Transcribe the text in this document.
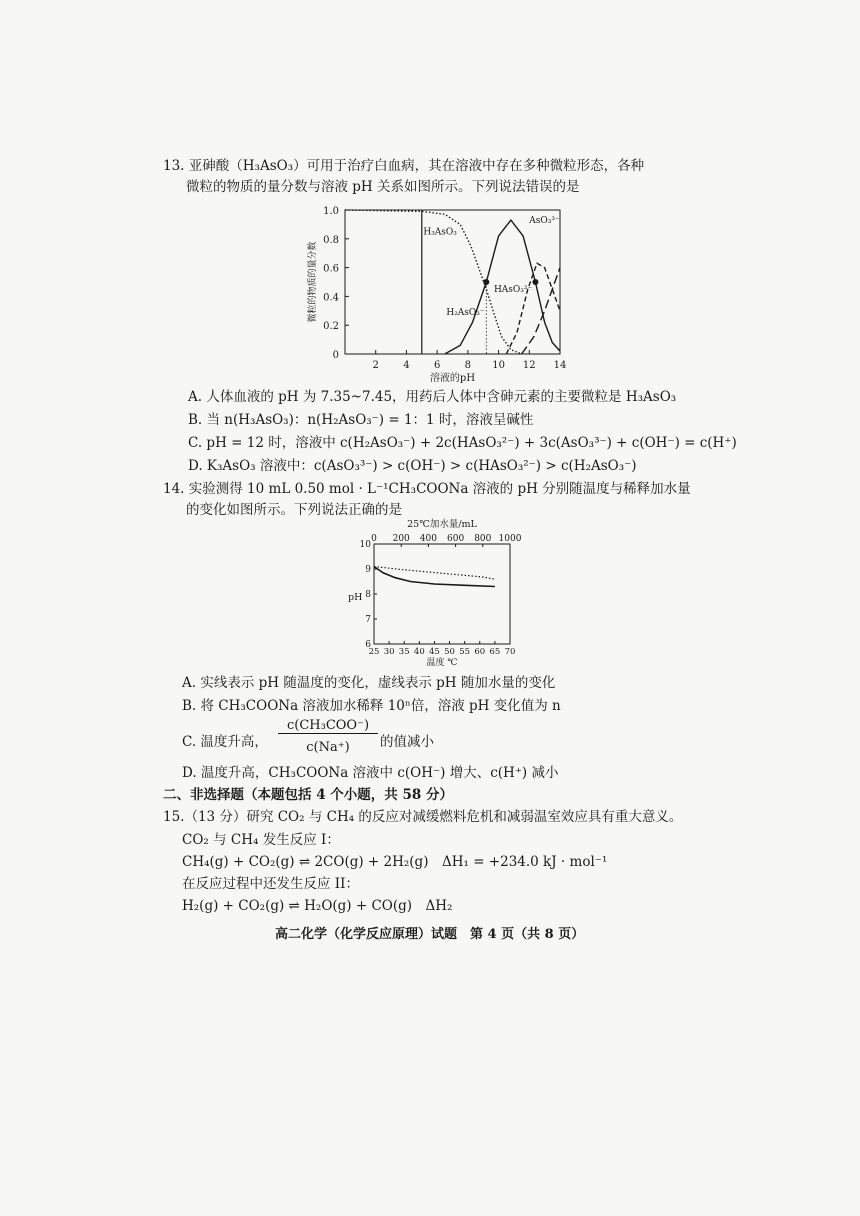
13. 亚砷酸（H₃AsO₃）可用于治疗白血病，其在溶液中存在多种微粒形态，各种
微粒的物质的量分数与溶液 pH 关系如图所示。下列说法错误的是
0
0.2
0.4
0.6
0.8
1.0
2 4 6 8 10 12 14
溶液的pH
微粒的物质的量分数
H₃AsO₃
H₂AsO₃⁻
HAsO₃²⁻
AsO₃³⁻
A. 人体血液的 pH 为 7.35~7.45，用药后人体中含砷元素的主要微粒是 H₃AsO₃
B. 当 n(H₃AsO₃)：n(H₂AsO₃⁻) = 1：1 时，溶液呈碱性
C. pH = 12 时，溶液中 c(H₂AsO₃⁻) + 2c(HAsO₃²⁻) + 3c(AsO₃³⁻) + c(OH⁻) = c(H⁺)
D. K₃AsO₃ 溶液中：c(AsO₃³⁻) > c(OH⁻) > c(HAsO₃²⁻) > c(H₂AsO₃⁻)
14. 实验测得 10 mL 0.50 mol · L⁻¹CH₃COONa 溶液的 pH 分别随温度与稀释加水量
的变化如图所示。下列说法正确的是
25℃加水量/mL
0 200 400 600 800 1000
25 30 35 40 45 50 55 60 65 70
温度 ℃
6
7
8
9
10
pH
A. 实线表示 pH 随温度的变化，虚线表示 pH 随加水量的变化
B. 将 CH₃COONa 溶液加水稀释 10ⁿ倍，溶液 pH 变化值为 n
C. 温度升高，
c(CH₃COO⁻)
c(Na⁺)	的值减小
D. 温度升高，CH₃COONa 溶液中 c(OH⁻) 增大、c(H⁺) 减小
二、非选择题（本题包括 4 个小题，共 58 分）
15.（13 分）研究 CO₂ 与 CH₄ 的反应对减缓燃料危机和减弱温室效应具有重大意义。
CO₂ 与 CH₄ 发生反应 I：
CH₄(g) + CO₂(g) ⇌ 2CO(g) + 2H₂(g)　ΔH₁ = +234.0 kJ · mol⁻¹
在反应过程中还发生反应 II：
H₂(g) + CO₂(g) ⇌ H₂O(g) + CO(g)　ΔH₂
高二化学（化学反应原理）试题　第 4 页（共 8 页）
